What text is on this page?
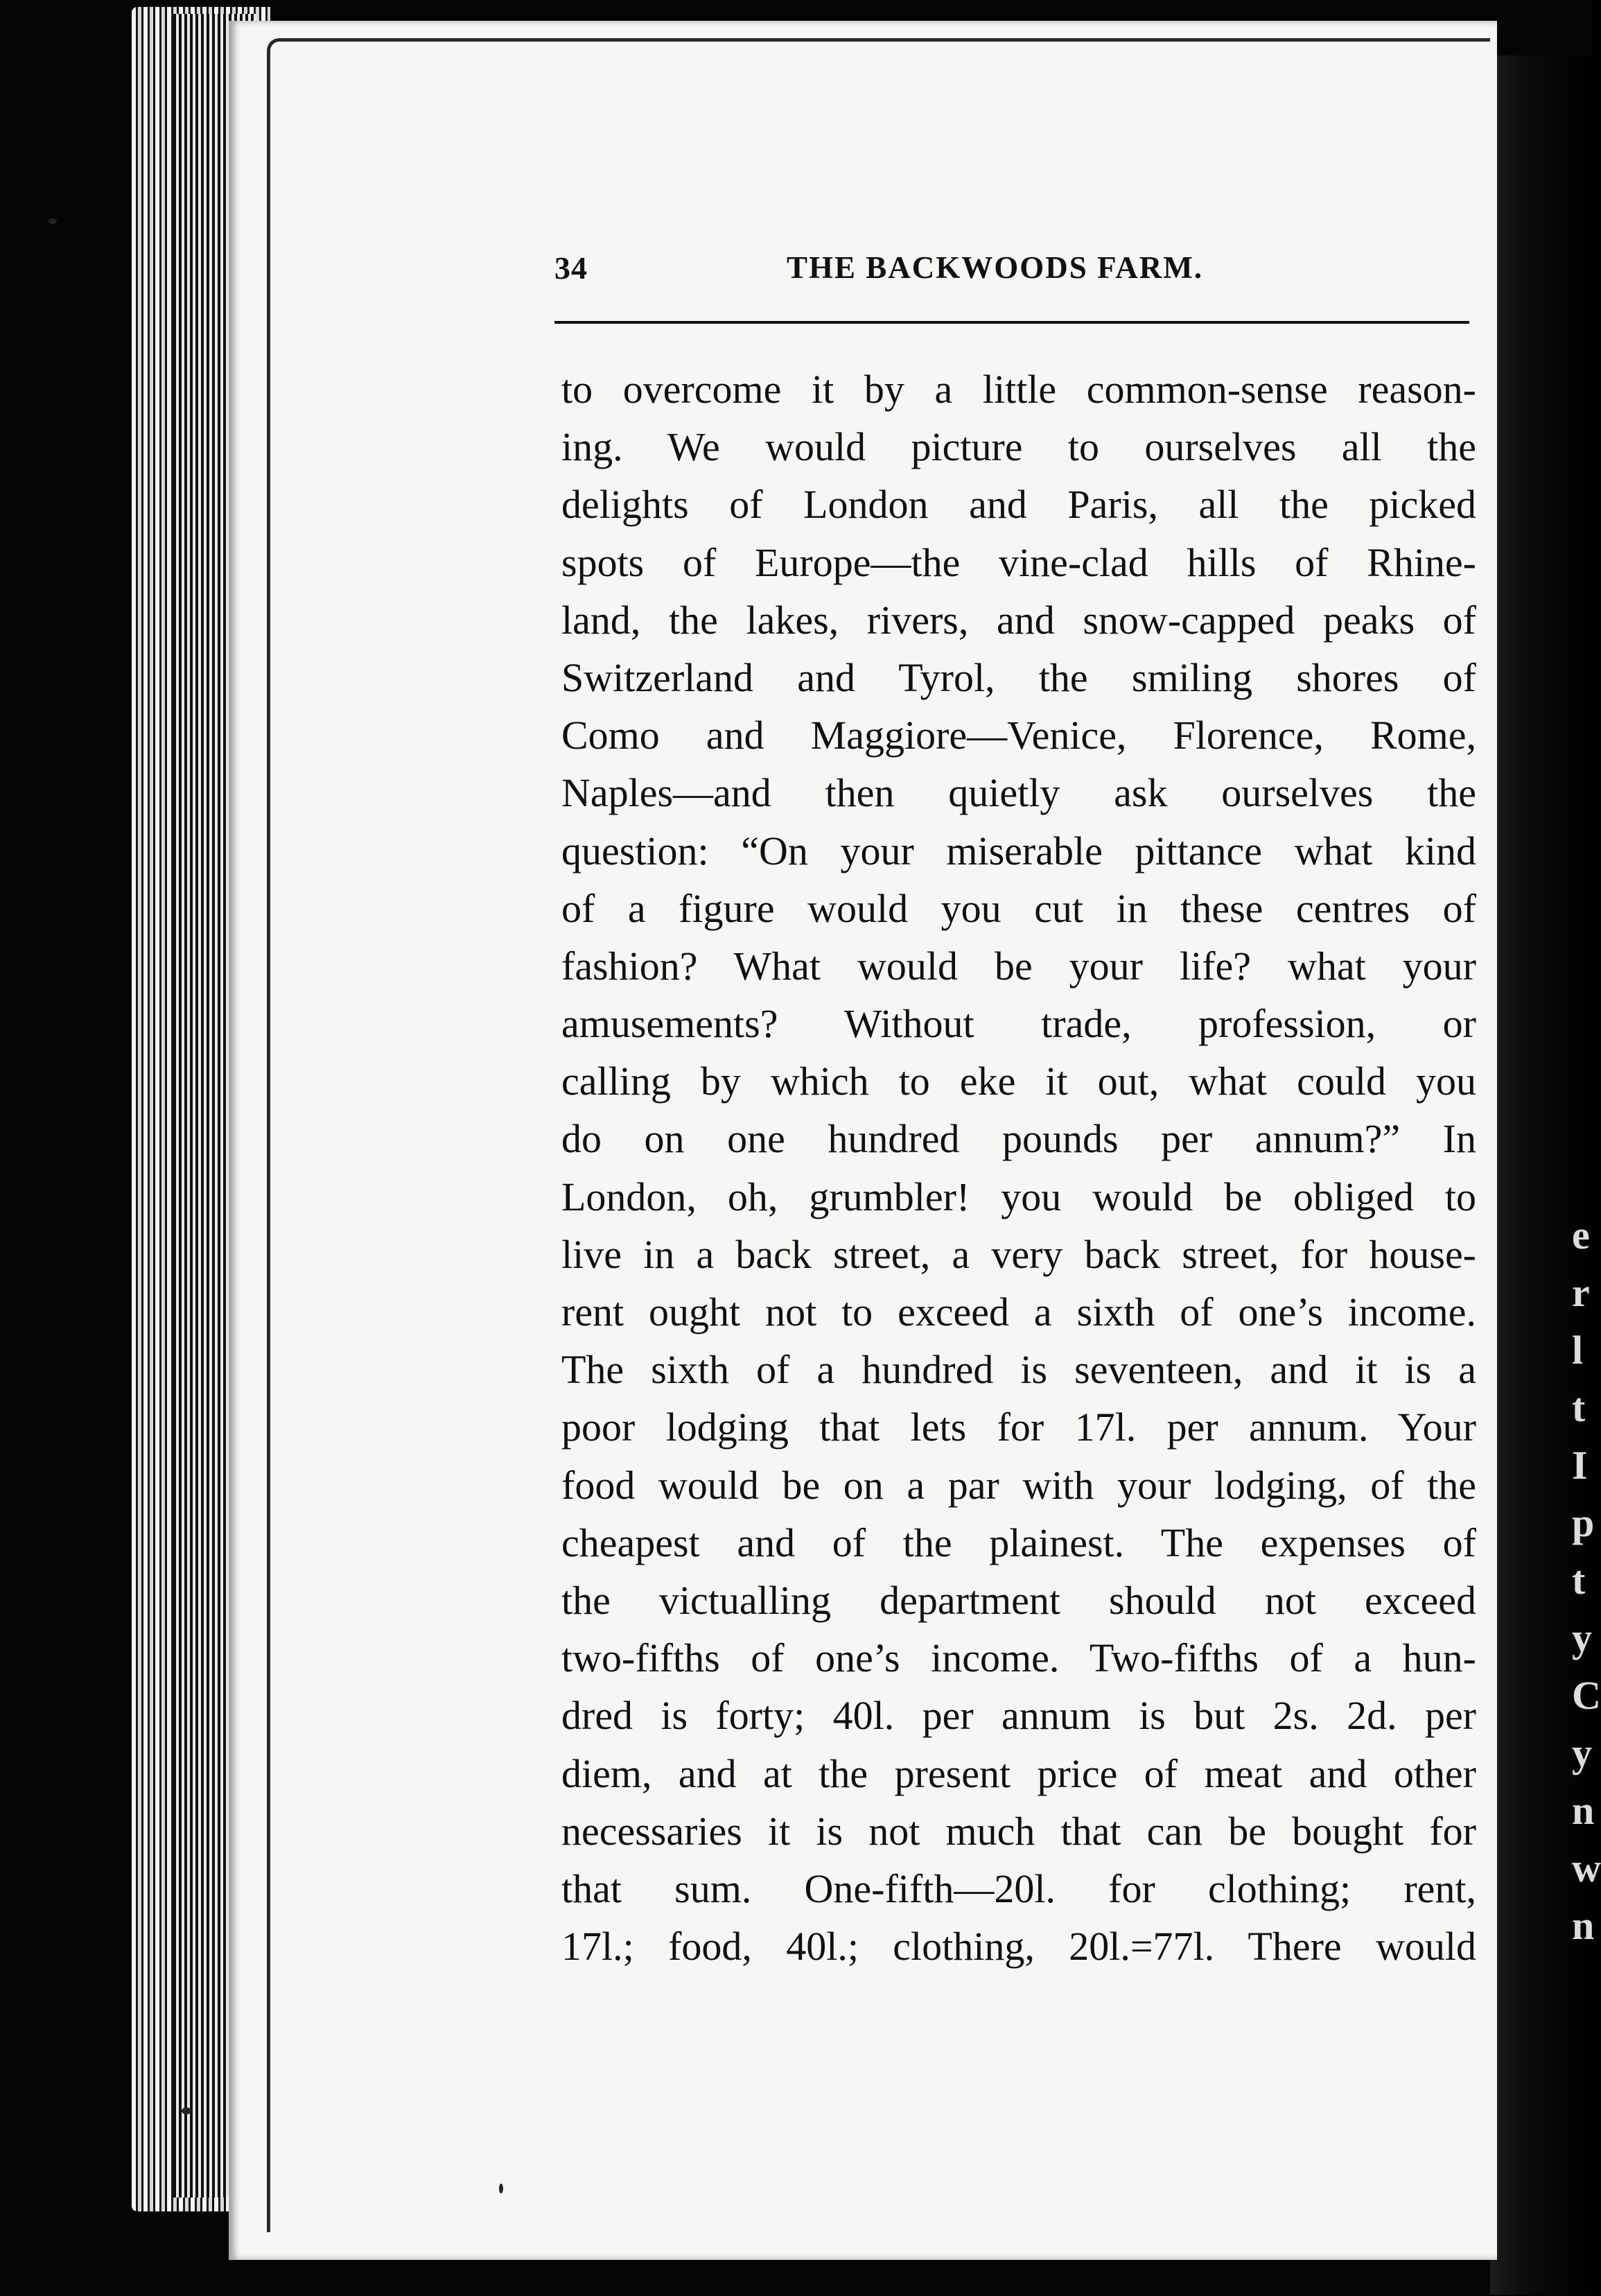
e
r
l
t
I
p
t
y
C
y
n
w
n
34	THE BACKWOODS FARM.
to overcome it by a little common-sense reason-
ing. We would picture to ourselves all the
delights of London and Paris, all the picked
spots of Europe—the vine-clad hills of Rhine-
land, the lakes, rivers, and snow-capped peaks of
Switzerland and Tyrol, the smiling shores of
Como and Maggiore—Venice, Florence, Rome,
Naples—and then quietly ask ourselves the
question: “On your miserable pittance what kind
of a figure would you cut in these centres of
fashion? What would be your life? what your
amusements? Without trade, profession, or
calling by which to eke it out, what could you
do on one hundred pounds per annum?” In
London, oh, grumbler! you would be obliged to
live in a back street, a very back street, for house-
rent ought not to exceed a sixth of one’s income.
The sixth of a hundred is seventeen, and it is a
poor lodging that lets for 17l. per annum. Your
food would be on a par with your lodging, of the
cheapest and of the plainest. The expenses of
the victualling department should not exceed
two-fifths of one’s income. Two-fifths of a hun-
dred is forty; 40l. per annum is but 2s. 2d. per
diem, and at the present price of meat and other
necessaries it is not much that can be bought for
that sum. One-fifth—20l. for clothing; rent,
17l.; food, 40l.; clothing, 20l.=77l. There would
